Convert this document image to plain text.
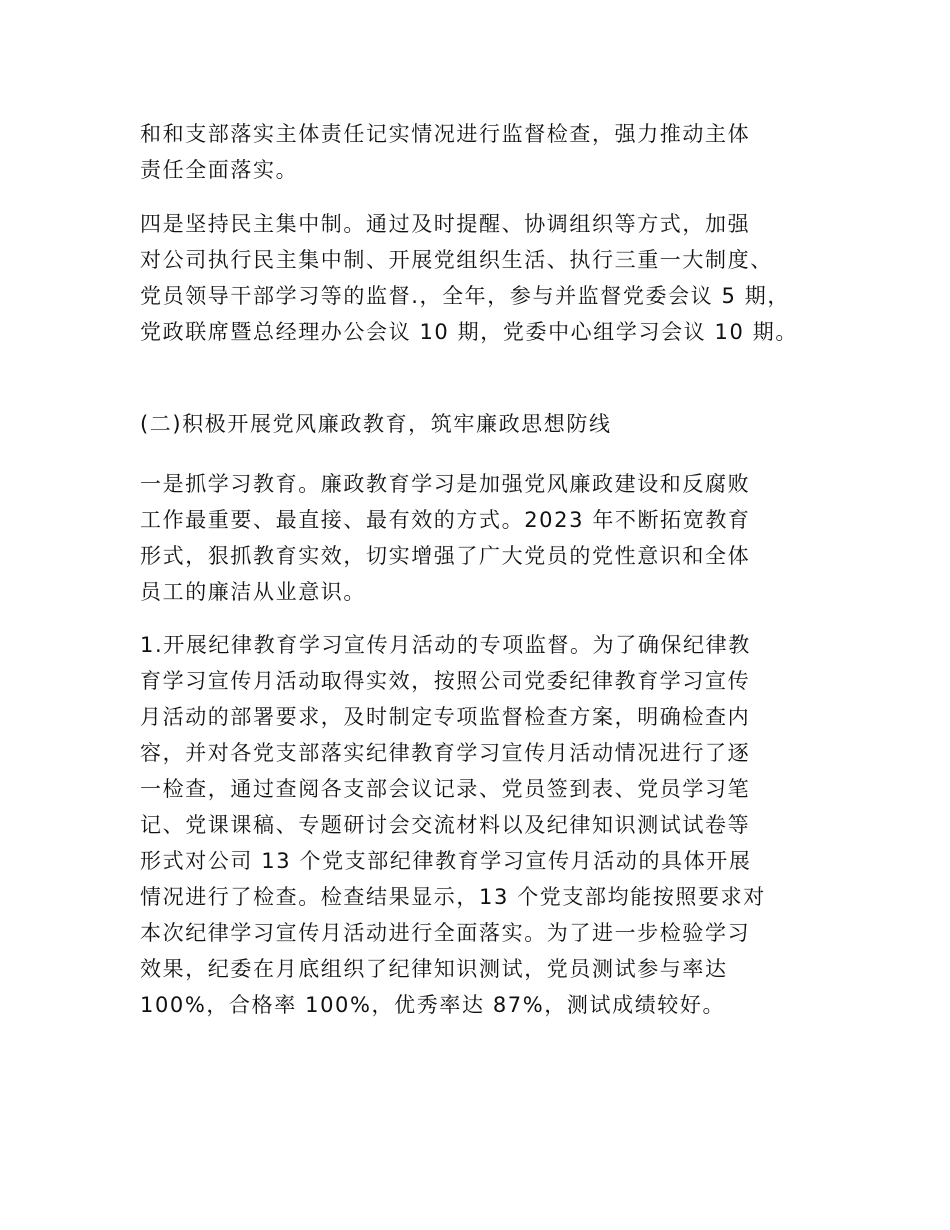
和和支部落实主体责任记实情况进行监督检查，强力推动主体
责任全面落实。

四是坚持民主集中制。通过及时提醒、协调组织等方式，加强
对公司执行民主集中制、开展党组织生活、执行三重一大制度、
党员领导干部学习等的监督.，全年，参与并监督党委会议 5 期，
党政联席暨总经理办公会议 10 期，党委中心组学习会议 10 期。

(二)积极开展党风廉政教育，筑牢廉政思想防线

一是抓学习教育。廉政教育学习是加强党风廉政建设和反腐败
工作最重要、最直接、最有效的方式。2023 年不断拓宽教育
形式，狠抓教育实效，切实增强了广大党员的党性意识和全体
员工的廉洁从业意识。

1.开展纪律教育学习宣传月活动的专项监督。为了确保纪律教
育学习宣传月活动取得实效，按照公司党委纪律教育学习宣传
月活动的部署要求，及时制定专项监督检查方案，明确检查内
容，并对各党支部落实纪律教育学习宣传月活动情况进行了逐
一检查，通过查阅各支部会议记录、党员签到表、党员学习笔
记、党课课稿、专题研讨会交流材料以及纪律知识测试试卷等
形式对公司 13 个党支部纪律教育学习宣传月活动的具体开展
情况进行了检查。检查结果显示，13 个党支部均能按照要求对
本次纪律学习宣传月活动进行全面落实。为了进一步检验学习
效果，纪委在月底组织了纪律知识测试，党员测试参与率达
100%，合格率 100%，优秀率达 87%，测试成绩较好。
